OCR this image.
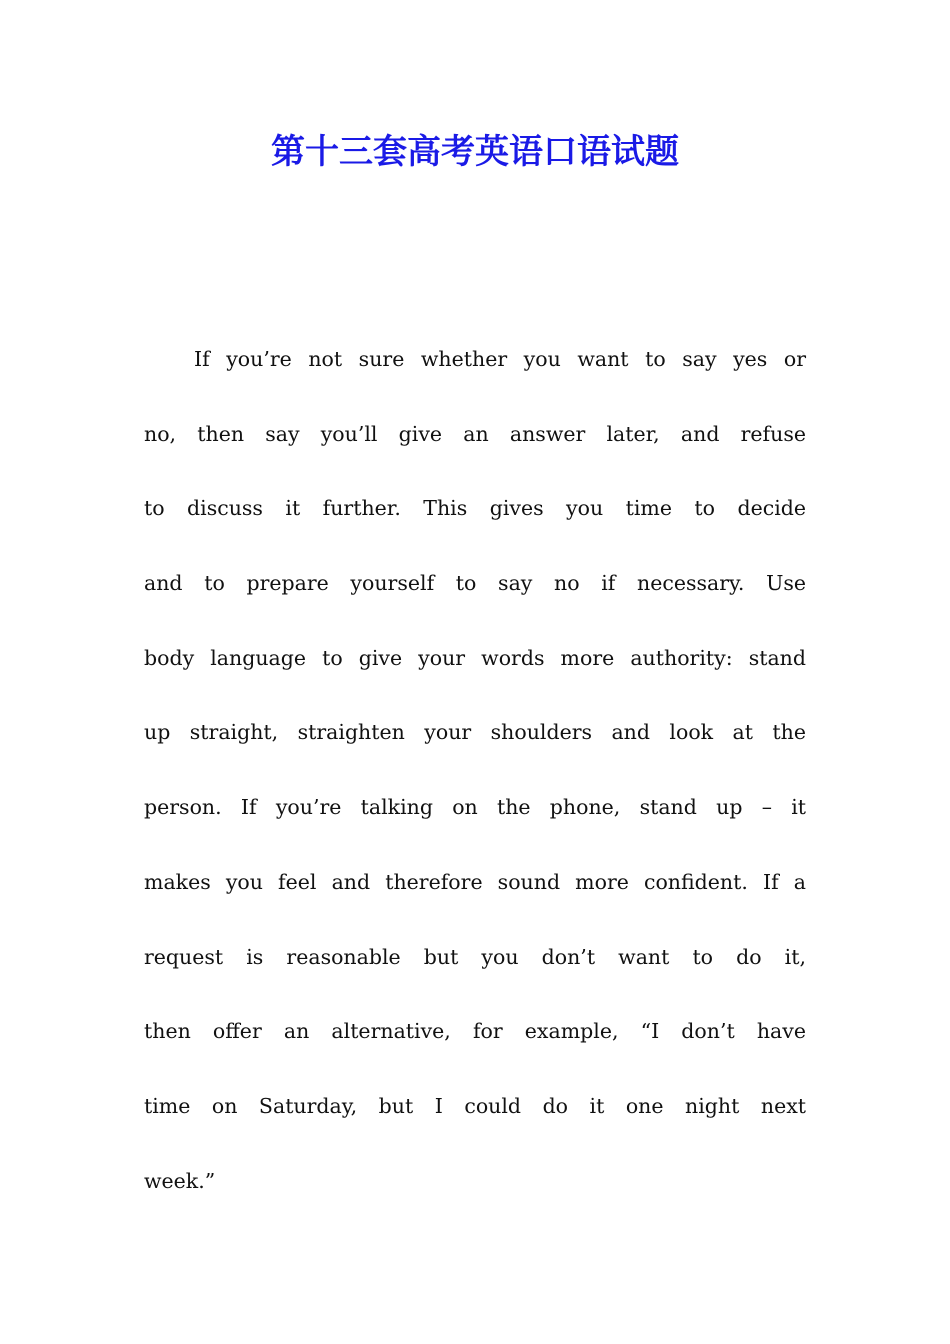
第十三套高考英语口语试题
If you’re not sure whether you want to say yes or
no, then say you’ll give an answer later, and refuse
to discuss it further. This gives you time to decide
and to prepare yourself to say no if necessary. Use
body language to give your words more authority: stand
up straight, straighten your shoulders and look at the
person. If you’re talking on the phone, stand up – it
makes you feel and therefore sound more confident. If a
request is reasonable but you don’t want to do it,
then offer an alternative, for example, “I don’t have
time on Saturday, but I could do it one night next
week.”
